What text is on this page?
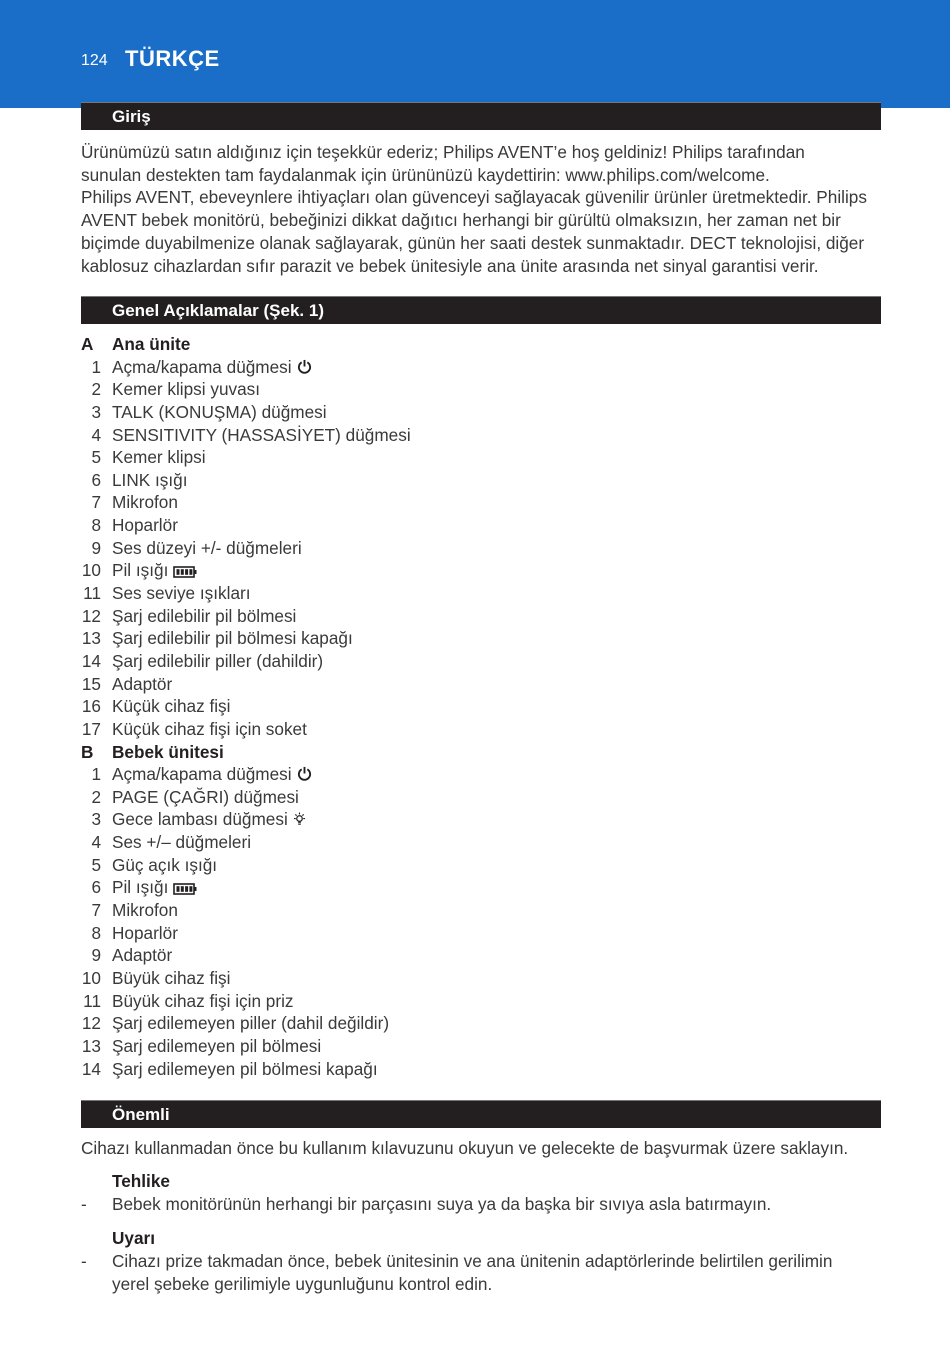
124 TÜRKÇE
Giriş

Ürünümüzü satın aldığınız için teşekkür ederiz; Philips AVENT’e hoş geldiniz! Philips tarafından
sunulan destekten tam faydalanmak için ürününüzü kaydettirin: www.philips.com/welcome.
Philips AVENT, ebeveynlere ihtiyaçları olan güvenceyi sağlayacak güvenilir ürünler üretmektedir. Philips
AVENT bebek monitörü, bebeğinizi dikkat dağıtıcı herhangi bir gürültü olmaksızın, her zaman net bir
biçimde duyabilmenize olanak sağlayarak, günün her saati destek sunmaktadır. DECT teknolojisi, diğer
kablosuz cihazlardan sıfır parazit ve bebek ünitesiyle ana ünite arasında net sinyal garantisi verir.

Genel Açıklamalar (Şek. 1)
A Ana ünite
1 Açma/kapama düğmesi
2 Kemer klipsi yuvası
3 TALK (KONUŞMA) düğmesi
4 SENSITIVITY (HASSASİYET) düğmesi
5 Kemer klipsi
6 LINK ışığı
7 Mikrofon
8 Hoparlör
9 Ses düzeyi +/- düğmeleri
10 Pil ışığı
11 Ses seviye ışıkları
12 Şarj edilebilir pil bölmesi
13 Şarj edilebilir pil bölmesi kapağı
14 Şarj edilebilir piller (dahildir)
15 Adaptör
16 Küçük cihaz fişi
17 Küçük cihaz fişi için soket
B Bebek ünitesi
1 Açma/kapama düğmesi
2 PAGE (ÇAĞRI) düğmesi
3 Gece lambası düğmesi
4 Ses +/– düğmeleri
5 Güç açık ışığı
6 Pil ışığı
7 Mikrofon
8 Hoparlör
9 Adaptör
10 Büyük cihaz fişi
11 Büyük cihaz fişi için priz
12 Şarj edilemeyen piller (dahil değildir)
13 Şarj edilemeyen pil bölmesi
14 Şarj edilemeyen pil bölmesi kapağı
Önemli

Cihazı kullanmadan önce bu kullanım kılavuzunu okuyun ve gelecekte de başvurmak üzere saklayın.

Tehlike
- Bebek monitörünün herhangi bir parçasını suya ya da başka bir sıvıya asla batırmayın.
Uyarı
- Cihazı prize takmadan önce, bebek ünitesinin ve ana ünitenin adaptörlerinde belirtilen gerilimin
yerel şebeke gerilimiyle uygunluğunu kontrol edin.
